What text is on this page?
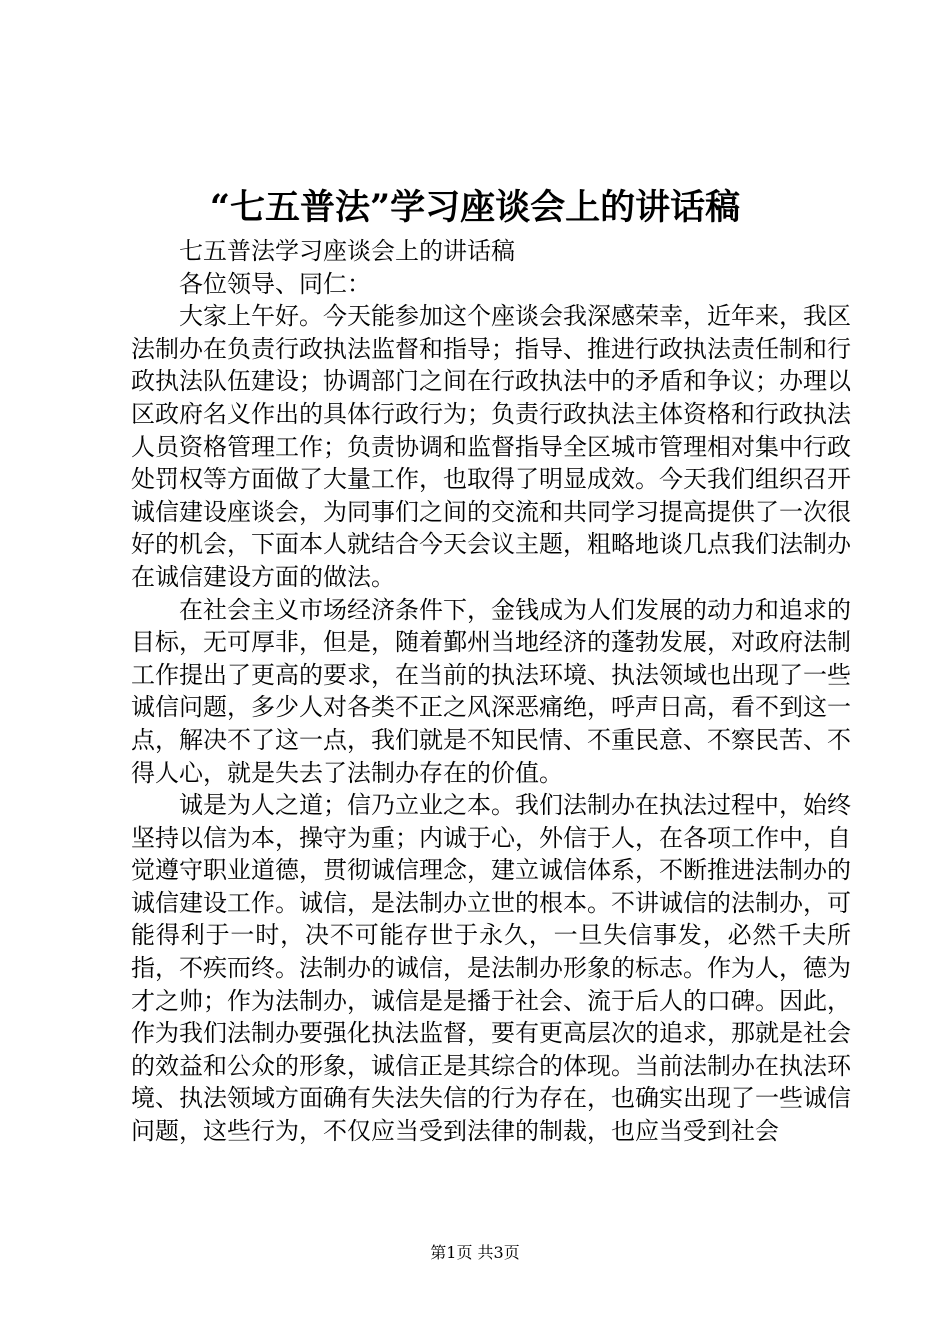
“七五普法”学习座谈会上的讲话稿

七五普法学习座谈会上的讲话稿

各位领导、同仁：

大家上午好。今天能参加这个座谈会我深感荣幸，近年来，我区法制办在负责行政执法监督和指导；指导、推进行政执法责任制和行政执法队伍建设；协调部门之间在行政执法中的矛盾和争议；办理以区政府名义作出的具体行政行为；负责行政执法主体资格和行政执法人员资格管理工作；负责协调和监督指导全区城市管理相对集中行政处罚权等方面做了大量工作，也取得了明显成效。今天我们组织召开诚信建设座谈会，为同事们之间的交流和共同学习提高提供了一次很好的机会，下面本人就结合今天会议主题，粗略地谈几点我们法制办在诚信建设方面的做法。

在社会主义市场经济条件下，金钱成为人们发展的动力和追求的目标，无可厚非，但是，随着鄞州当地经济的蓬勃发展，对政府法制工作提出了更高的要求，在当前的执法环境、执法领域也出现了一些诚信问题，多少人对各类不正之风深恶痛绝，呼声日高，看不到这一点，解决不了这一点，我们就是不知民情、不重民意、不察民苦、不得人心，就是失去了法制办存在的价值。

诚是为人之道；信乃立业之本。我们法制办在执法过程中，始终坚持以信为本，操守为重；内诚于心，外信于人，在各项工作中，自觉遵守职业道德，贯彻诚信理念，建立诚信体系，不断推进法制办的诚信建设工作。诚信，是法制办立世的根本。不讲诚信的法制办，可能得利于一时，决不可能存世于永久，一旦失信事发，必然千夫所指，不疾而终。法制办的诚信，是法制办形象的标志。作为人，德为才之帅；作为法制办，诚信是是播于社会、流于后人的口碑。因此，作为我们法制办要强化执法监督，要有更高层次的追求，那就是社会的效益和公众的形象，诚信正是其综合的体现。当前法制办在执法环境、执法领域方面确有失法失信的行为存在，也确实出现了一些诚信问题，这些行为，不仅应当受到法律的制裁，也应当受到社会

第1页 共3页
